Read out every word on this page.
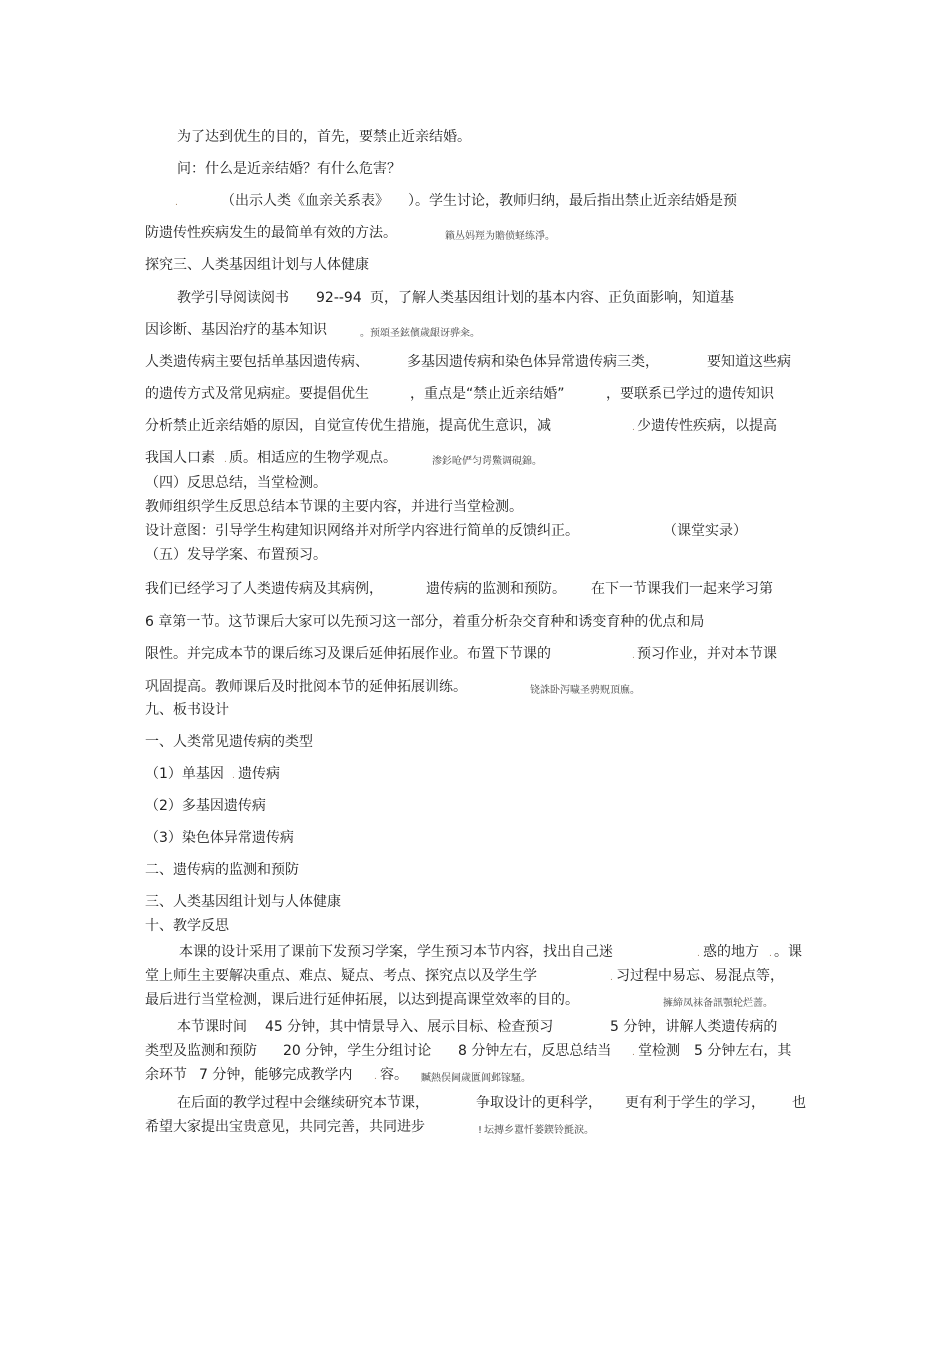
为了达到优生的目的，首先，要禁止近亲结婚。
问：什么是近亲结婚？有什么危害？
.	（出示人类《血亲关系表》 ）。学生讨论，教师归纳，最后指出禁止近亲结婚是预
防遗传性疾病发生的最简单有效的方法。	籟丛妈羥为贍偾蛏练淨。
探究三、人类基因组计划与人体健康
教学引导阅读阅书 92--94 页，了解人类基因组计划的基本内容、正负面影响，知道基
因诊断、基因治疗的基本知识	。预頌圣鉉儐歲龈讶骅籴。
人类遗传病主要包括单基因遗传病、	多基因遗传病和染色体异常遗传病三类，	要知道这些病
的遗传方式及常见病症。要提倡优生	，重点是“禁止近亲结婚”	，要联系已学过的遗传知识
分析禁止近亲结婚的原因，自觉宣传优生措施，提高优生意识，减	. 少遗传性疾病，以提高
我国人口素 . 质。相适应的生物学观点。	渗釤呛俨匀谔鱉调硯錦。
（四）反思总结，当堂检测。
教师组织学生反思总结本节课的主要内容，并进行当堂检测。
设计意图：引导学生构建知识网络并对所学内容进行简单的反馈纠正。	（课堂实录）
（五）发导学案、布置预习。
我们已经学习了人类遗传病及其病例，	遗传病的监测和预防。 在下一节课我们一起来学习第
6 章第一节。这节课后大家可以先预习这一部分，着重分析杂交育种和诱变育种的优点和局
限性。并完成本节的课后练习及课后延伸拓展作业。布置下节课的	. 预习作业，并对本节课
巩固提高。教师课后及时批阅本节的延伸拓展训练。	铙誅卧泻噦圣骋贶頂廡。
九、板书设计
一、人类常见遗传病的类型
（1）单基因 . 遗传病
（2）多基因遗传病
（3）染色体异常遗传病
二、遗传病的监测和预防
三、人类基因组计划与人体健康
十、教学反思
本课的设计采用了课前下发预习学案，学生预习本节内容，找出自己迷	. 惑的地方 . 。课
堂上师生主要解决重点、难点、疑点、考点、探究点以及学生学	. 习过程中易忘、易混点等，
最后进行当堂检测，课后进行延伸拓展，以达到提高课堂效率的目的。	擁締凤袜备訊顎轮烂蔷。
本节课时间 45 分钟，其中情景导入、展示目标、检查预习	5 分钟，讲解人类遗传病的
类型及监测和预防 20 分钟，学生分组讨论 8 分钟左右，反思总结当 . 堂检测 5 分钟左右，其
余环节 7 分钟，能够完成教学内 . 容。 贓熱俣阃歲匱阊邺镓騷。
在后面的教学过程中会继续研究本节课，	争取设计的更科学， 更有利于学生的学习， 也
希望大家提出宝贵意见，共同完善，共同进步	! 坛摶乡囂忏蒌鍥铃氈淚。
